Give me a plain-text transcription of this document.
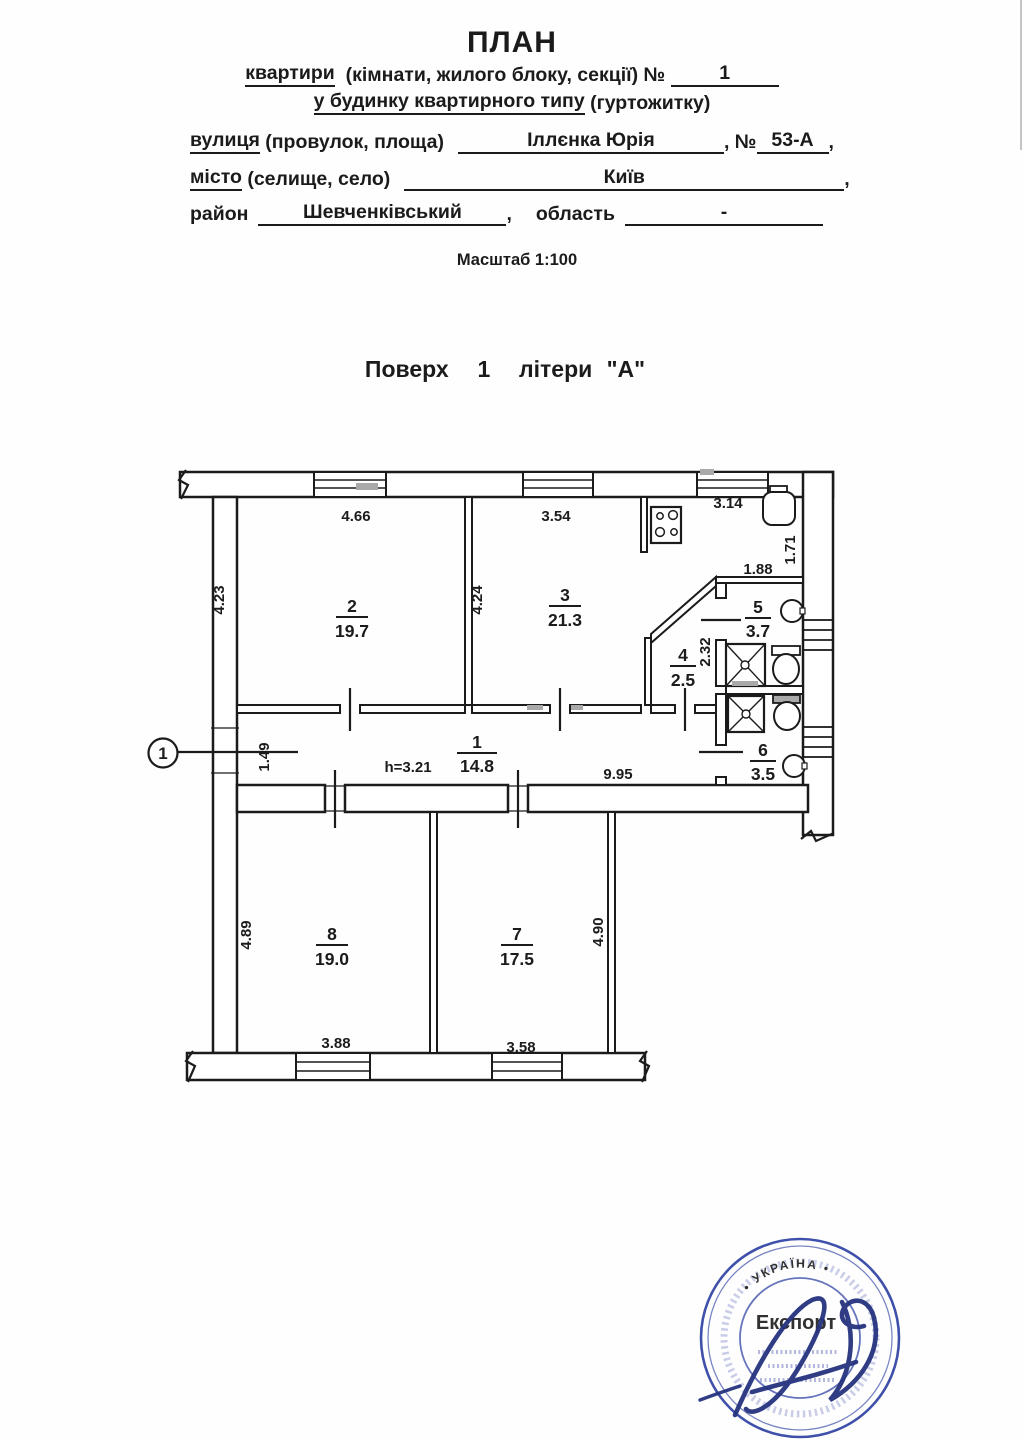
ПЛАН
квартири (кімнати, жилого блоку, секції) №	1
у будинку квартирного типу (гуртожитку)
вулиця (провулок, площа)	Іллєнка Юрія	, № 53-А ,
місто (селище, село)	Київ	,
район	Шевченківський	, область	-
Масштаб 1:100
Поверх  1  літери "А"
1
1
14.8
2
19.7
3
21.3
4
2.5
5
3.7
6
3.5
7
17.5
8
19.0
4.66	3.54
3.14
1.88
9.95
h=3.21
3.88	3.58
4.23	4.24
1.71
2.32
1.49
4.89	4.90
• УКРАЇНА •
Експорт
